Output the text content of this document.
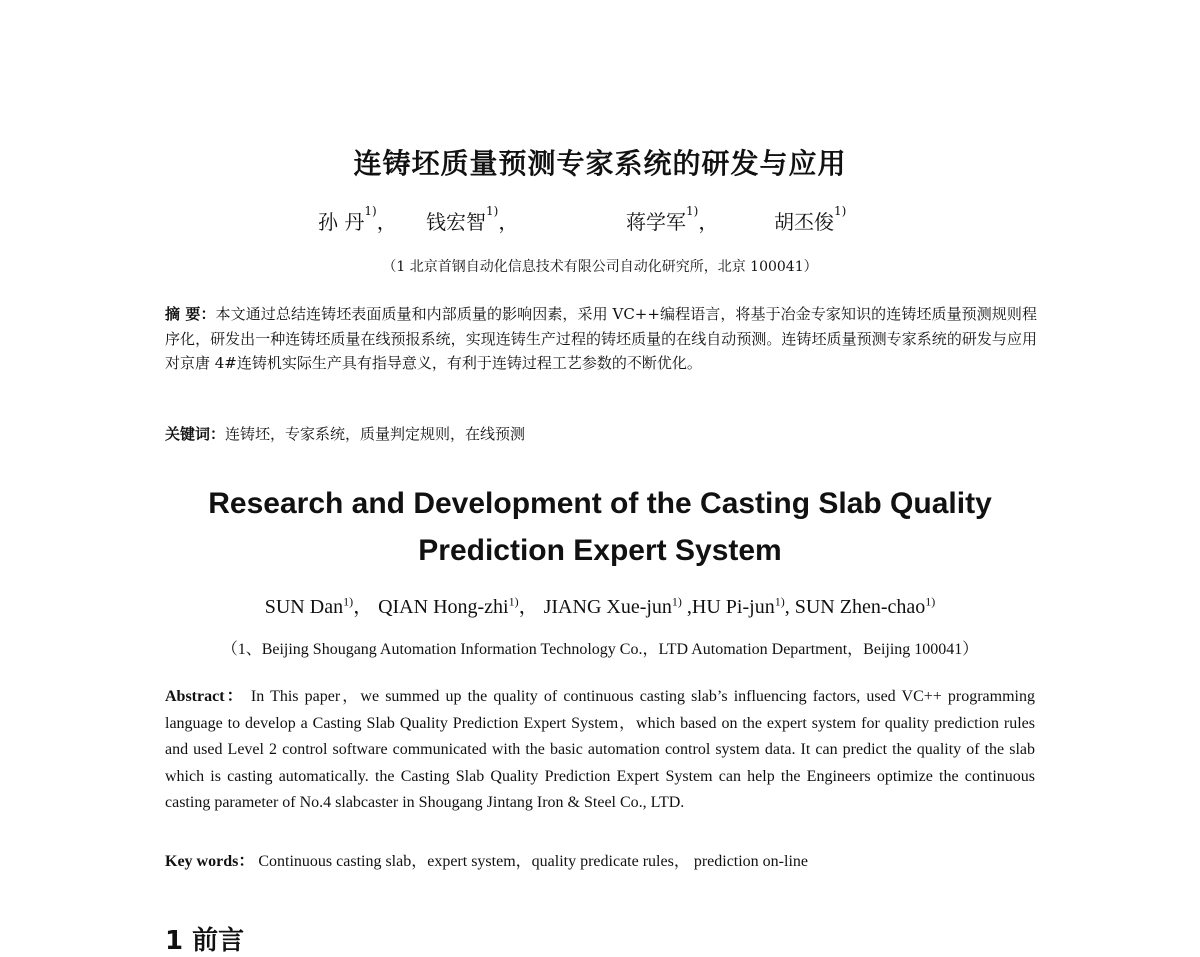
连铸坯质量预测专家系统的研发与应用
孙 丹$^{1)}$， 钱宏智$^{1)}$，	蒋学军$^{1)}$，	胡丕俊$^{1)}$
（1 北京首钢自动化信息技术有限公司自动化研究所，北京 100041）
摘 要：本文通过总结连铸坯表面质量和内部质量的影响因素，采用 VC++编程语言，将基于冶金专家知识的连铸坯质量预测规则程序化，研发出一种连铸坯质量在线预报系统，实现连铸生产过程的铸坯质量的在线自动预测。连铸坯质量预测专家系统的研发与应用对京唐 4#连铸机实际生产具有指导意义，有利于连铸过程工艺参数的不断优化。
关键词：连铸坯，专家系统，质量判定规则，在线预测
Research and Development of the Casting Slab Quality
Prediction Expert System
SUN Dan$^{1)}$， QIAN Hong-zhi$^{1)}$， JIANG Xue-jun$^{1)}$ ,HU Pi-jun$^{1)}$, SUN Zhen-chao$^{1)}$
（1、Beijing Shougang Automation Information Technology Co.，LTD Automation Department，Beijing 100041）
Abstract： In This paper，we summed up the quality of continuous casting slab’s influencing factors, used VC++ programming language to develop a Casting Slab Quality Prediction Expert System，which based on the expert system for quality prediction rules and used Level 2 control software communicated with the basic automation control system data. It can predict the quality of the slab which is casting automatically. the Casting Slab Quality Prediction Expert System can help the Engineers optimize the continuous casting parameter of No.4 slabcaster in Shougang Jintang Iron & Steel Co., LTD.
Key words： Continuous casting slab，expert system，quality predicate rules， prediction on-line
1 前言
